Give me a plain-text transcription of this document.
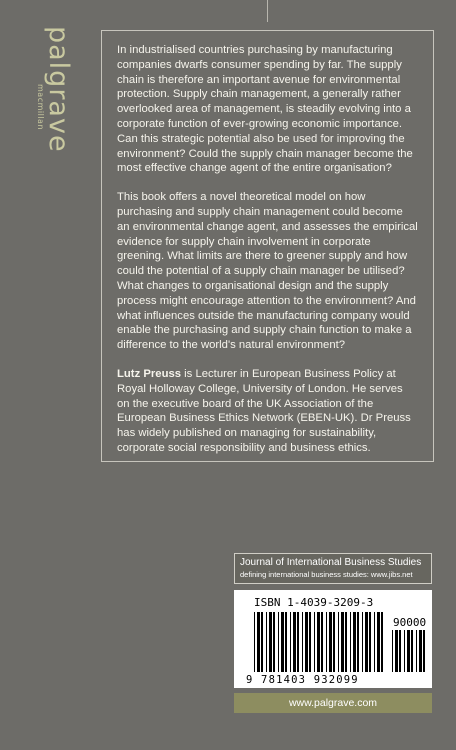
palgrave
macmillan

In industrialised countries purchasing by manufacturing companies dwarfs consumer spending by far. The supply chain is therefore an important avenue for environmental protection. Supply chain management, a generally rather overlooked area of management, is steadily evolving into a corporate function of ever-growing economic importance. Can this strategic potential also be used for improving the environment? Could the supply chain manager become the most effective change agent of the entire organisation?

This book offers a novel theoretical model on how purchasing and supply chain management could become an environmental change agent, and assesses the empirical evidence for supply chain involvement in corporate greening. What limits are there to greener supply and how could the potential of a supply chain manager be utilised? What changes to organisational design and the supply process might encourage attention to the environment? And what influences outside the manufacturing company would enable the purchasing and supply chain function to make a difference to the world's natural environment?

Lutz Preuss is Lecturer in European Business Policy at Royal Holloway College, University of London. He serves on the executive board of the UK Association of the European Business Ethics Network (EBEN-UK). Dr Preuss has widely published on managing for sustainability, corporate social responsibility and business ethics.

Journal of International Business Studies
defining international business studies: www.jibs.net
ISBN 1-4039-3209-3
90000
9 781403 932099
www.palgrave.com
